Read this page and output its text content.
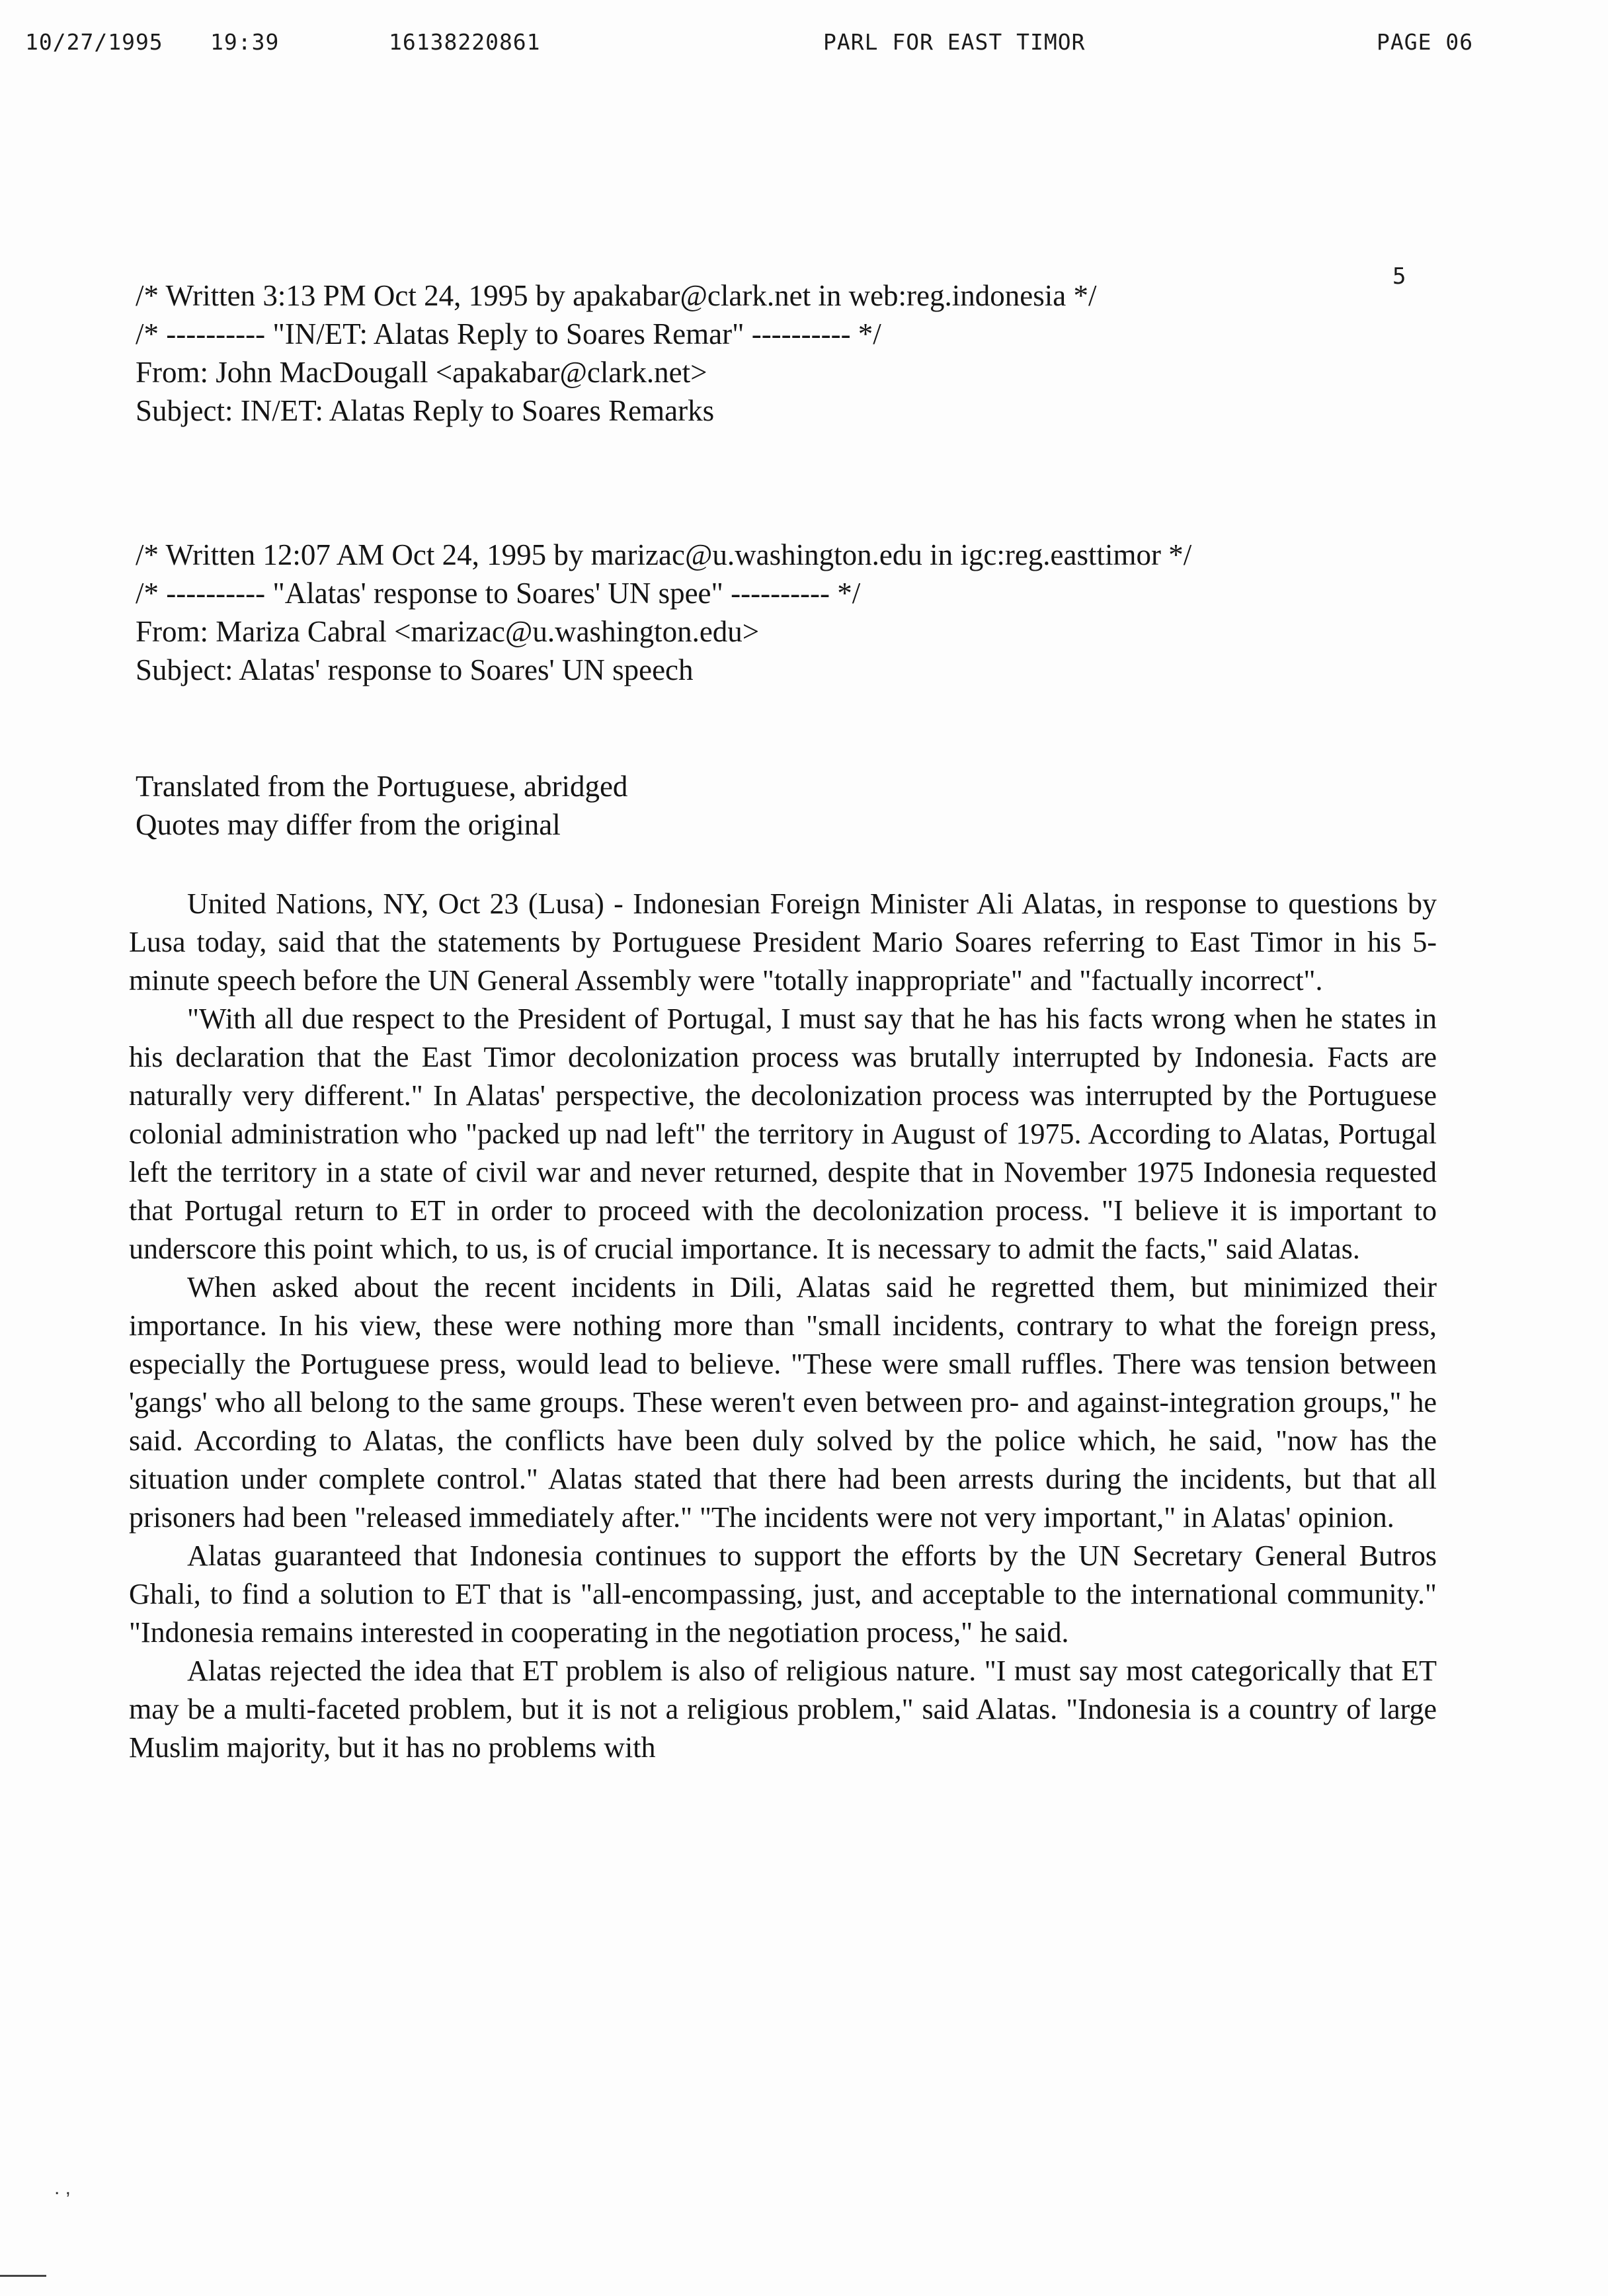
10/27/1995 19:39	16138220861	PARL FOR EAST TIMOR	PAGE 06
5
/* Written 3:13 PM Oct 24, 1995 by apakabar@clark.net in web:reg.indonesia */
/* ---------- "IN/ET: Alatas Reply to Soares Remar" ---------- */
From: John MacDougall <apakabar@clark.net>
Subject: IN/ET: Alatas Reply to Soares Remarks
/* Written 12:07 AM Oct 24, 1995 by marizac@u.washington.edu in igc:reg.easttimor */
/* ---------- "Alatas' response to Soares' UN spee" ---------- */
From: Mariza Cabral <marizac@u.washington.edu>
Subject: Alatas' response to Soares' UN speech
Translated from the Portuguese, abridged
Quotes may differ from the original

United Nations, NY, Oct 23 (Lusa) - Indonesian Foreign Minister Ali Alatas, in response to questions by Lusa today, said that the statements by Portuguese President Mario Soares referring to East Timor in his 5-minute speech before the UN General Assembly were "totally inappropriate" and "factually incorrect".

"With all due respect to the President of Portugal, I must say that he has his facts wrong when he states in his declaration that the East Timor decolonization process was brutally interrupted by Indonesia. Facts are naturally very different." In Alatas' perspective, the decolonization process was interrupted by the Portuguese colonial administration who "packed up nad left" the territory in August of 1975. According to Alatas, Portugal left the territory in a state of civil war and never returned, despite that in November 1975 Indonesia requested that Portugal return to ET in order to proceed with the decolonization process. "I believe it is important to underscore this point which, to us, is of crucial importance. It is necessary to admit the facts," said Alatas.

When asked about the recent incidents in Dili, Alatas said he regretted them, but minimized their importance. In his view, these were nothing more than "small incidents, contrary to what the foreign press, especially the Portuguese press, would lead to believe. "These were small ruffles. There was tension between 'gangs' who all belong to the same groups. These weren't even between pro- and against-integration groups," he said. According to Alatas, the conflicts have been duly solved by the police which, he said, "now has the situation under complete control." Alatas stated that there had been arrests during the incidents, but that all prisoners had been "released immediately after." "The incidents were not very important," in Alatas' opinion.

Alatas guaranteed that Indonesia continues to support the efforts by the UN Secretary General Butros Ghali, to find a solution to ET that is "all-encompassing, just, and acceptable to the international community." "Indonesia remains interested in cooperating in the negotiation process," he said.

Alatas rejected the idea that ET problem is also of religious nature. "I must say most categorically that ET may be a multi-faceted problem, but it is not a religious problem," said Alatas. "Indonesia is a country of large Muslim majority, but it has no problems with

. ,
